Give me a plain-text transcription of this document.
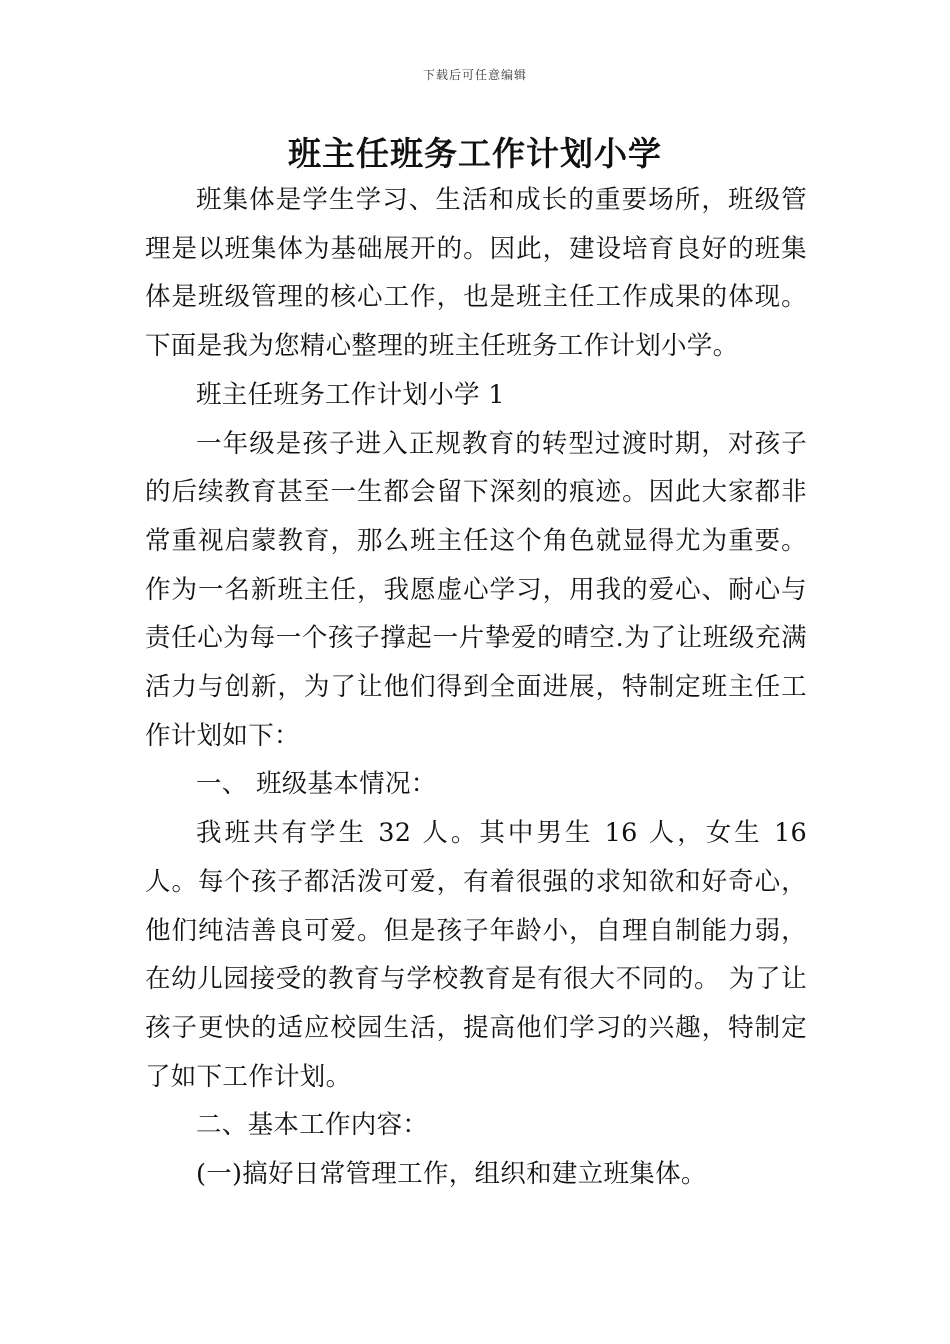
下载后可任意编辑
班主任班务工作计划小学

班集体是学生学习、生活和成长的重要场所，班级管理是以班集体为基础展开的。因此，建设培育良好的班集体是班级管理的核心工作，也是班主任工作成果的体现。下面是我为您精心整理的班主任班务工作计划小学。

班主任班务工作计划小学 1

一年级是孩子进入正规教育的转型过渡时期，对孩子的后续教育甚至一生都会留下深刻的痕迹。因此大家都非常重视启蒙教育，那么班主任这个角色就显得尤为重要。作为一名新班主任，我愿虚心学习，用我的爱心、耐心与责任心为每一个孩子撑起一片挚爱的晴空.为了让班级充满活力与创新，为了让他们得到全面进展，特制定班主任工作计划如下：

一、 班级基本情况：

我班共有学生 32 人。其中男生 16 人，女生 16 人。每个孩子都活泼可爱，有着很强的求知欲和好奇心，他们纯洁善良可爱。但是孩子年龄小，自理自制能力弱，在幼儿园接受的教育与学校教育是有很大不同的。 为了让孩子更快的适应校园生活，提高他们学习的兴趣，特制定了如下工作计划。

二、基本工作内容：

(一)搞好日常管理工作，组织和建立班集体。
